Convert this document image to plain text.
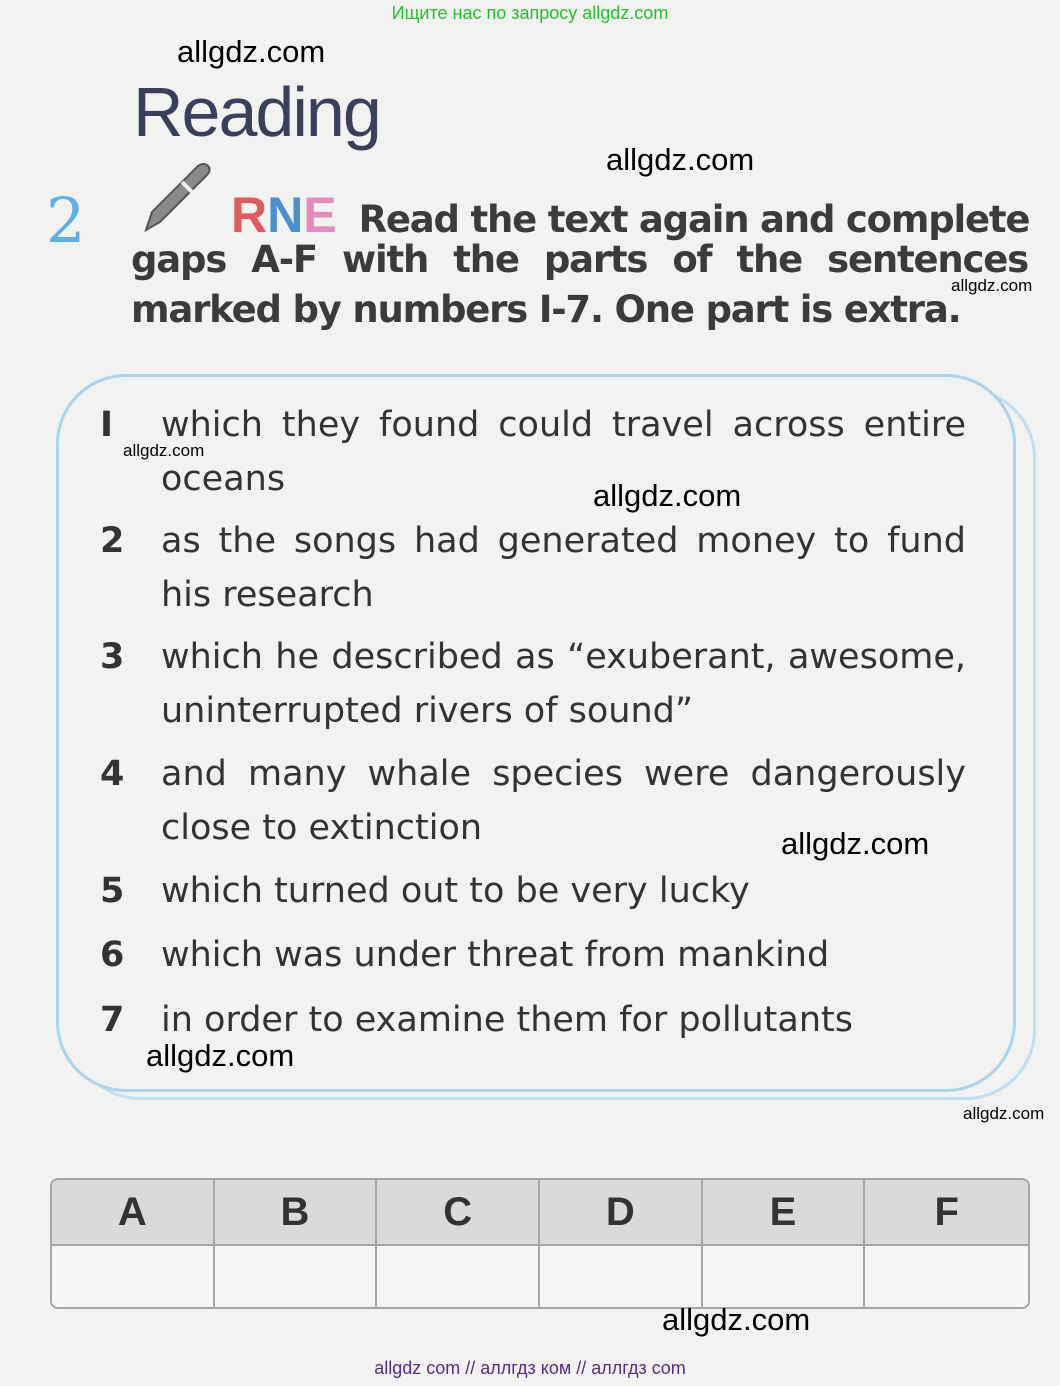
Ищите нас по запросу allgdz.com
allgdz.com
allgdz.com
allgdz.com
Reading
2	RNE Read the text again and complete
gaps A-F with the parts of the sentences
marked by numbers I-7. One part is extra.
I which they found could travel across entire oceans
2 as the songs had generated money to fund his research
3 which he described as “exuberant, awesome, uninterrupted rivers of sound”
4 and many whale species were dangerously close to extinction
5 which turned out to be very lucky
6 which was under threat from mankind
7 in order to examine them for pollutants
allgdz.com
allgdz.com
allgdz.com
allgdz.com
allgdz.com
A	B	C	D	E	F
allgdz.com
allgdz com // аллгдз ком // аллгдз com
